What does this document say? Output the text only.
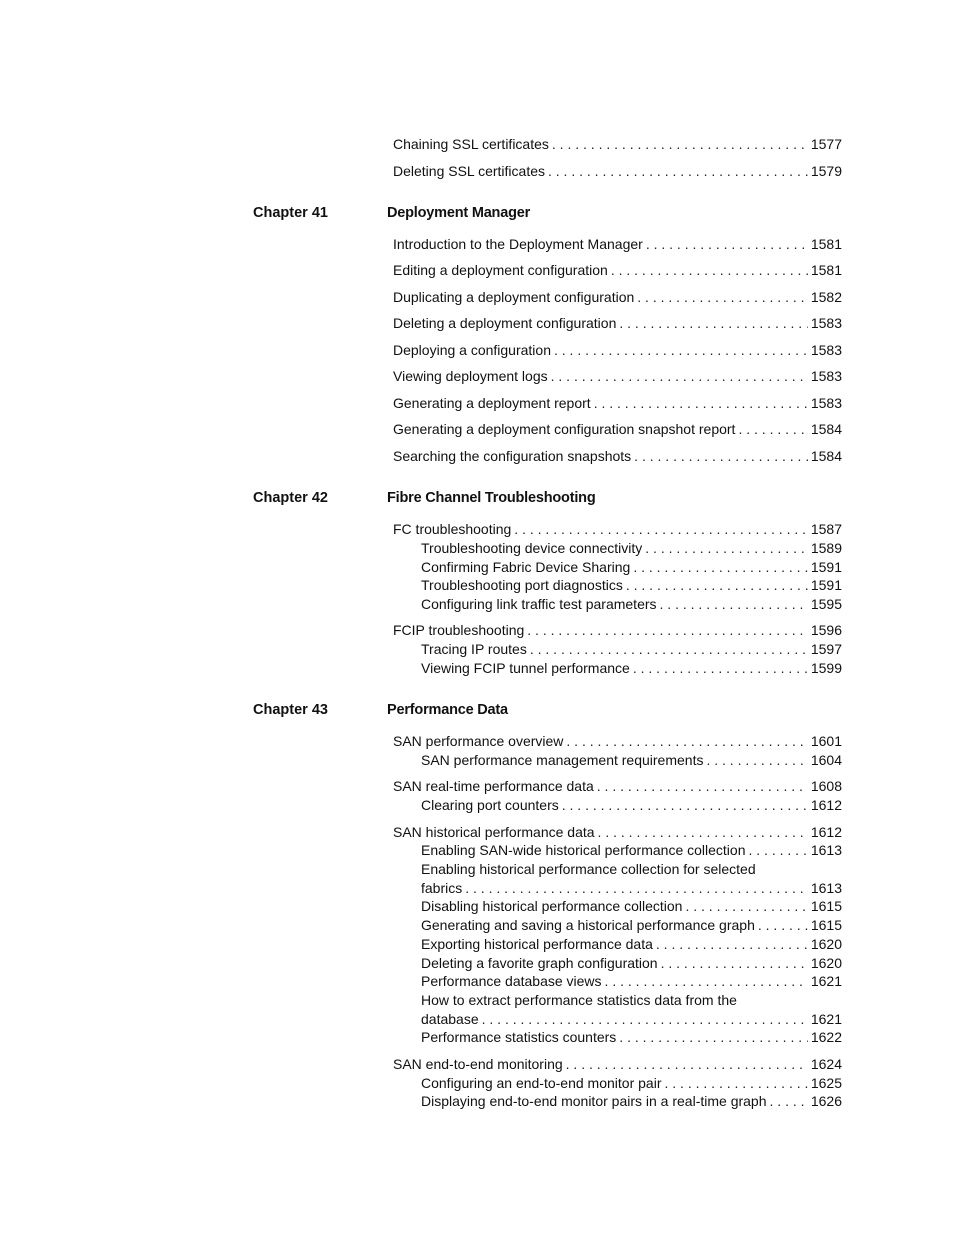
Chaining SSL certificates . . .	1577
Deleting SSL certificates . . .	1579
Chapter 41	Deployment Manager
Introduction to the Deployment Manager . . .	1581
Editing a deployment configuration . . .	1581
Duplicating a deployment configuration . . .	1582
Deleting a deployment configuration . . .	1583
Deploying a configuration . . .	1583
Viewing deployment logs . . .	1583
Generating a deployment report . . .	1583
Generating a deployment configuration snapshot report . . .	1584
Searching the configuration snapshots . . .	1584
Chapter 42	Fibre Channel Troubleshooting
FC troubleshooting . . .	1587
Troubleshooting device connectivity . . .	1589
Confirming Fabric Device Sharing . . .	1591
Troubleshooting port diagnostics . . .	1591
Configuring link traffic test parameters . . .	1595
FCIP troubleshooting . . .	1596
Tracing IP routes . . .	1597
Viewing FCIP tunnel performance . . .	1599
Chapter 43	Performance Data
SAN performance overview . . .	1601
SAN performance management requirements . . .	1604
SAN real-time performance data . . .	1608
Clearing port counters . . .	1612
SAN historical performance data . . .	1612
Enabling SAN-wide historical performance collection . . .	1613
Enabling historical performance collection for selected
fabrics . . .	1613
Disabling historical performance collection . . .	1615
Generating and saving a historical performance graph . . .	1615
Exporting historical performance data . . .	1620
Deleting a favorite graph configuration . . .	1620
Performance database views . . .	1621
How to extract performance statistics data from the
database . . .	1621
Performance statistics counters . . .	1622
SAN end-to-end monitoring . . .	1624
Configuring an end-to-end monitor pair . . .	1625
Displaying end-to-end monitor pairs in a real-time graph . . .	1626
